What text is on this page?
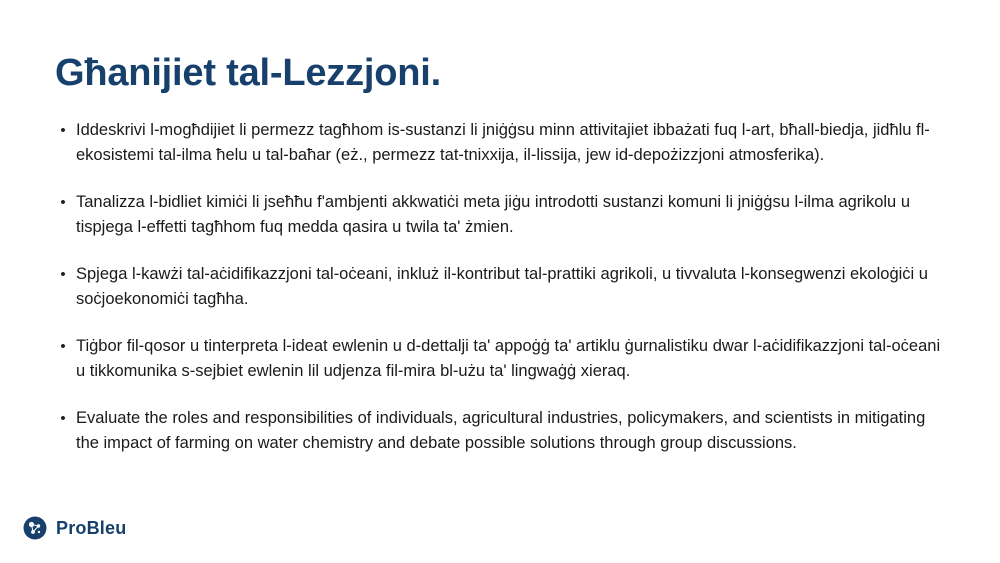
Għanijiet tal-Lezzjoni.
• Iddeskrivi l-mogħdijiet li permezz tagħhom is-sustanzi li jniġġsu minn attivitajiet ibbażati fuq l-art, bħall-biedja, jidħlu fl-ekosistemi tal-ilma ħelu u tal-baħar (eż., permezz tat-tnixxija, il-lissija, jew id-depożizzjoni atmosferika).
• Tanalizza l-bidliet kimiċi li jseħħu f'ambjenti akkwatiċi meta jiġu introdotti sustanzi komuni li jniġġsu l-ilma agrikolu u tispjega l-effetti tagħhom fuq medda qasira u twila ta' żmien.
• Spjega l-kawżi tal-aċidifikazzjoni tal-oċeani, inkluż il-kontribut tal-prattiki agrikoli, u tivvaluta l-konsegwenzi ekoloġiċi u soċjoekonomiċi tagħha.
• Tiġbor fil-qosor u tinterpreta l-ideat ewlenin u d-dettalji ta' appoġġ ta' artiklu ġurnalistiku dwar l-aċidifikazzjoni tal-oċeani u tikkomunika s-sejbiet ewlenin lil udjenza fil-mira bl-użu ta' lingwaġġ xieraq.
• Evaluate the roles and responsibilities of individuals, agricultural industries, policymakers, and scientists in mitigating the impact of farming on water chemistry and debate possible solutions through group discussions.
ProBleu
